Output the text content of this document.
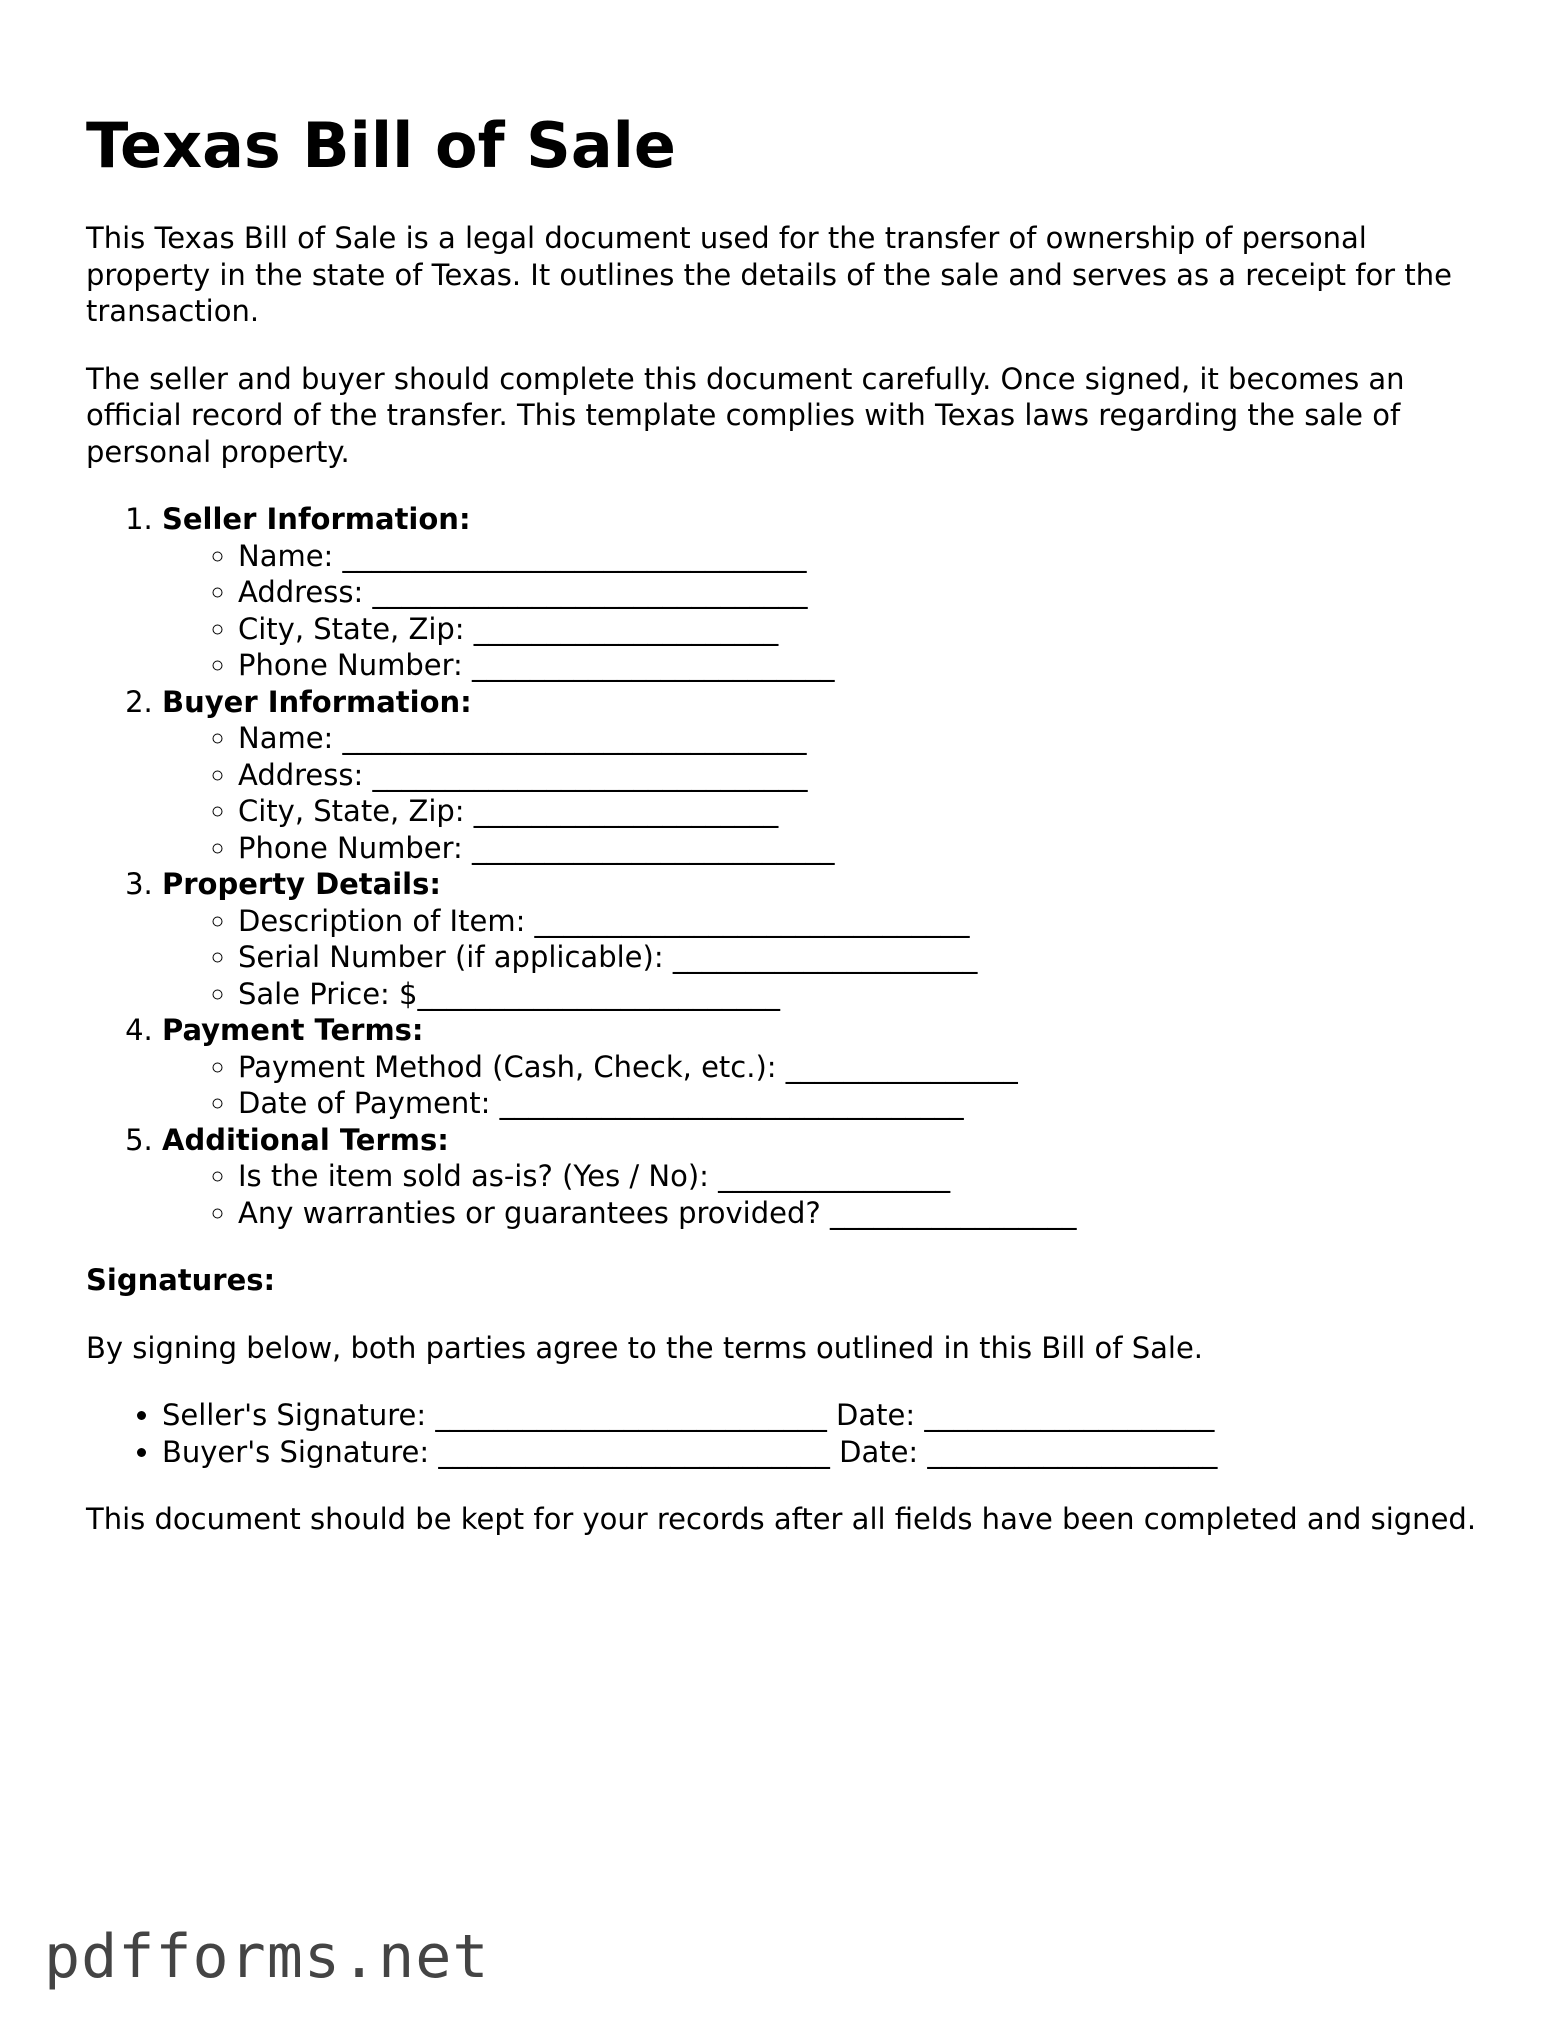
Texas Bill of Sale

This Texas Bill of Sale is a legal document used for the transfer of ownership of personal property in the state of Texas. It outlines the details of the sale and serves as a receipt for the transaction.

The seller and buyer should complete this document carefully. Once signed, it becomes an official record of the transfer. This template complies with Texas laws regarding the sale of personal property.

1. Seller Information:
◦ Name: ________________________________
◦ Address: ______________________________
◦ City, State, Zip: _____________________
◦ Phone Number: _________________________
2. Buyer Information:
◦ Name: ________________________________
◦ Address: ______________________________
◦ City, State, Zip: _____________________
◦ Phone Number: _________________________
3. Property Details:
◦ Description of Item: ______________________________
◦ Serial Number (if applicable): _____________________
◦ Sale Price: $_________________________
4. Payment Terms:
◦ Payment Method (Cash, Check, etc.): ________________
◦ Date of Payment: ________________________________
5. Additional Terms:
◦ Is the item sold as-is? (Yes / No): ________________
◦ Any warranties or guarantees provided? _________________
Signatures:

By signing below, both parties agree to the terms outlined in this Bill of Sale.

• Seller's Signature: ___________________________ Date: ____________________
• Buyer's Signature: ___________________________ Date: ____________________

This document should be kept for your records after all fields have been completed and signed.

pdfforms.net
